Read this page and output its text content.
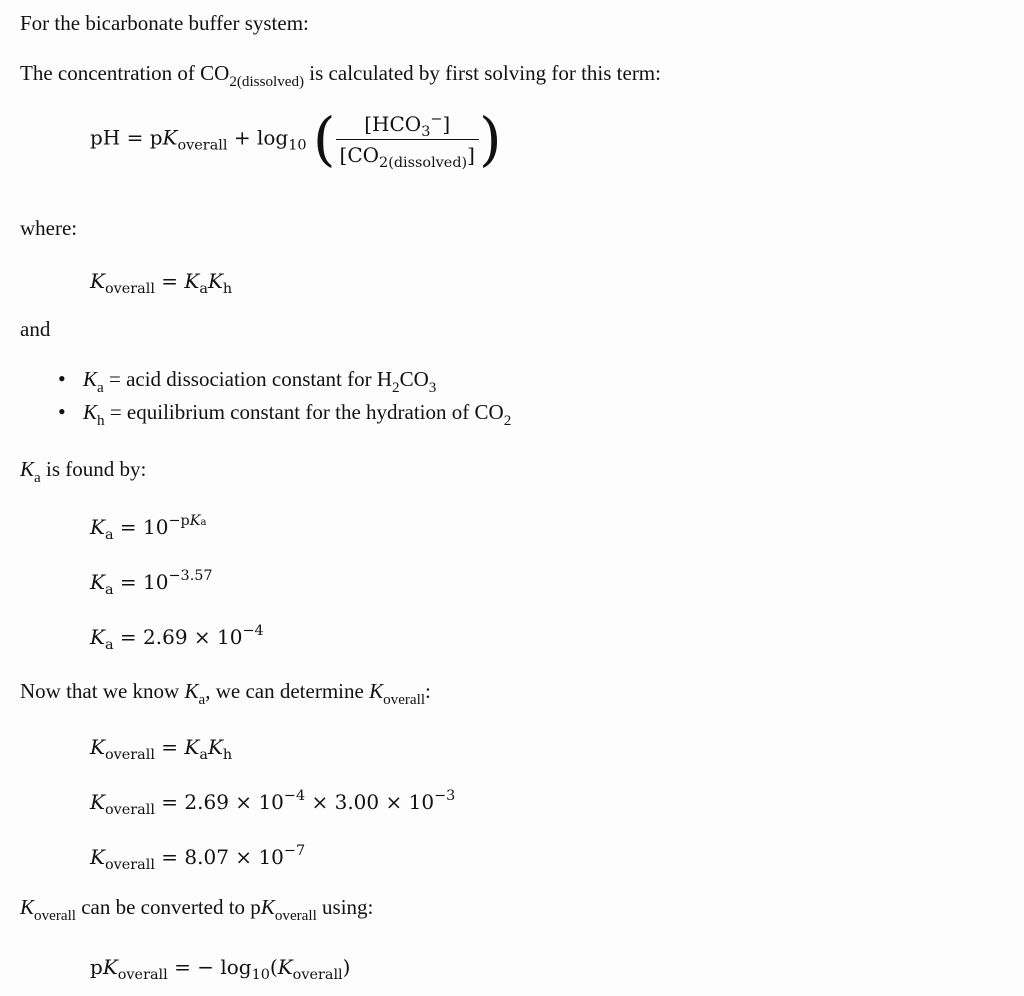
For the bicarbonate buffer system:
The concentration of $CO_{2(dissolved)}$ is calculated by first solving for this term:
pH = $pK_{overall} + \log_{10}$ ( $\frac{[HCO_3^-]}{[CO_{2(dissolved)}]}$ )
where:
$K_{overall} = K_aK_h$
and
• $K_a$ = acid dissociation constant for $H_2CO_3$
• $K_h$ = equilibrium constant for the hydration of $CO_2$
$K_a$ is found by:
$K_a = 10^{-pKa}$
$K_a = 10^{-3.57}$
$K_a = 2.69 \times 10^{-4}$
Now that we know $K_a$, we can determine $K_{overall}$:
$K_{overall} = K_aK_h$
$K_{overall} = 2.69 \times 10^{-4} \times 3.00 \times 10^{-3}$
$K_{overall} = 8.07 \times 10^{-7}$
$K_{overall}$ can be converted to $pK_{overall}$ using:
$pK_{overall}$ = − $\log_{10}(K_{overall})$
